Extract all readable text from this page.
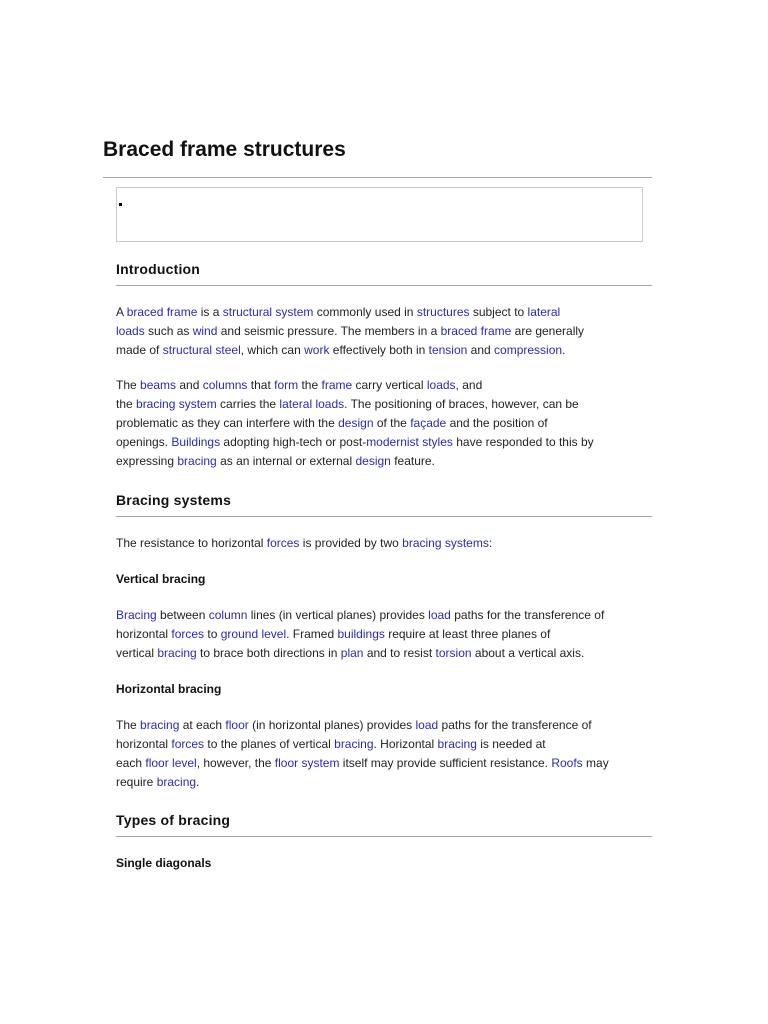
Braced frame structures
Introduction

A braced frame is a structural system commonly used in structures subject to lateral
loads such as wind and seismic pressure. The members in a braced frame are generally
made of structural steel, which can work effectively both in tension and compression.

The beams and columns that form the frame carry vertical loads, and
the bracing system carries the lateral loads. The positioning of braces, however, can be
problematic as they can interfere with the design of the façade and the position of
openings. Buildings adopting high-tech or post-modernist styles have responded to this by
expressing bracing as an internal or external design feature.

Bracing systems

The resistance to horizontal forces is provided by two bracing systems:

Vertical bracing

Bracing between column lines (in vertical planes) provides load paths for the transference of
horizontal forces to ground level. Framed buildings require at least three planes of
vertical bracing to brace both directions in plan and to resist torsion about a vertical axis.

Horizontal bracing

The bracing at each floor (in horizontal planes) provides load paths for the transference of
horizontal forces to the planes of vertical bracing. Horizontal bracing is needed at
each floor level, however, the floor system itself may provide sufficient resistance. Roofs may
require bracing.

Types of bracing
Single diagonals
